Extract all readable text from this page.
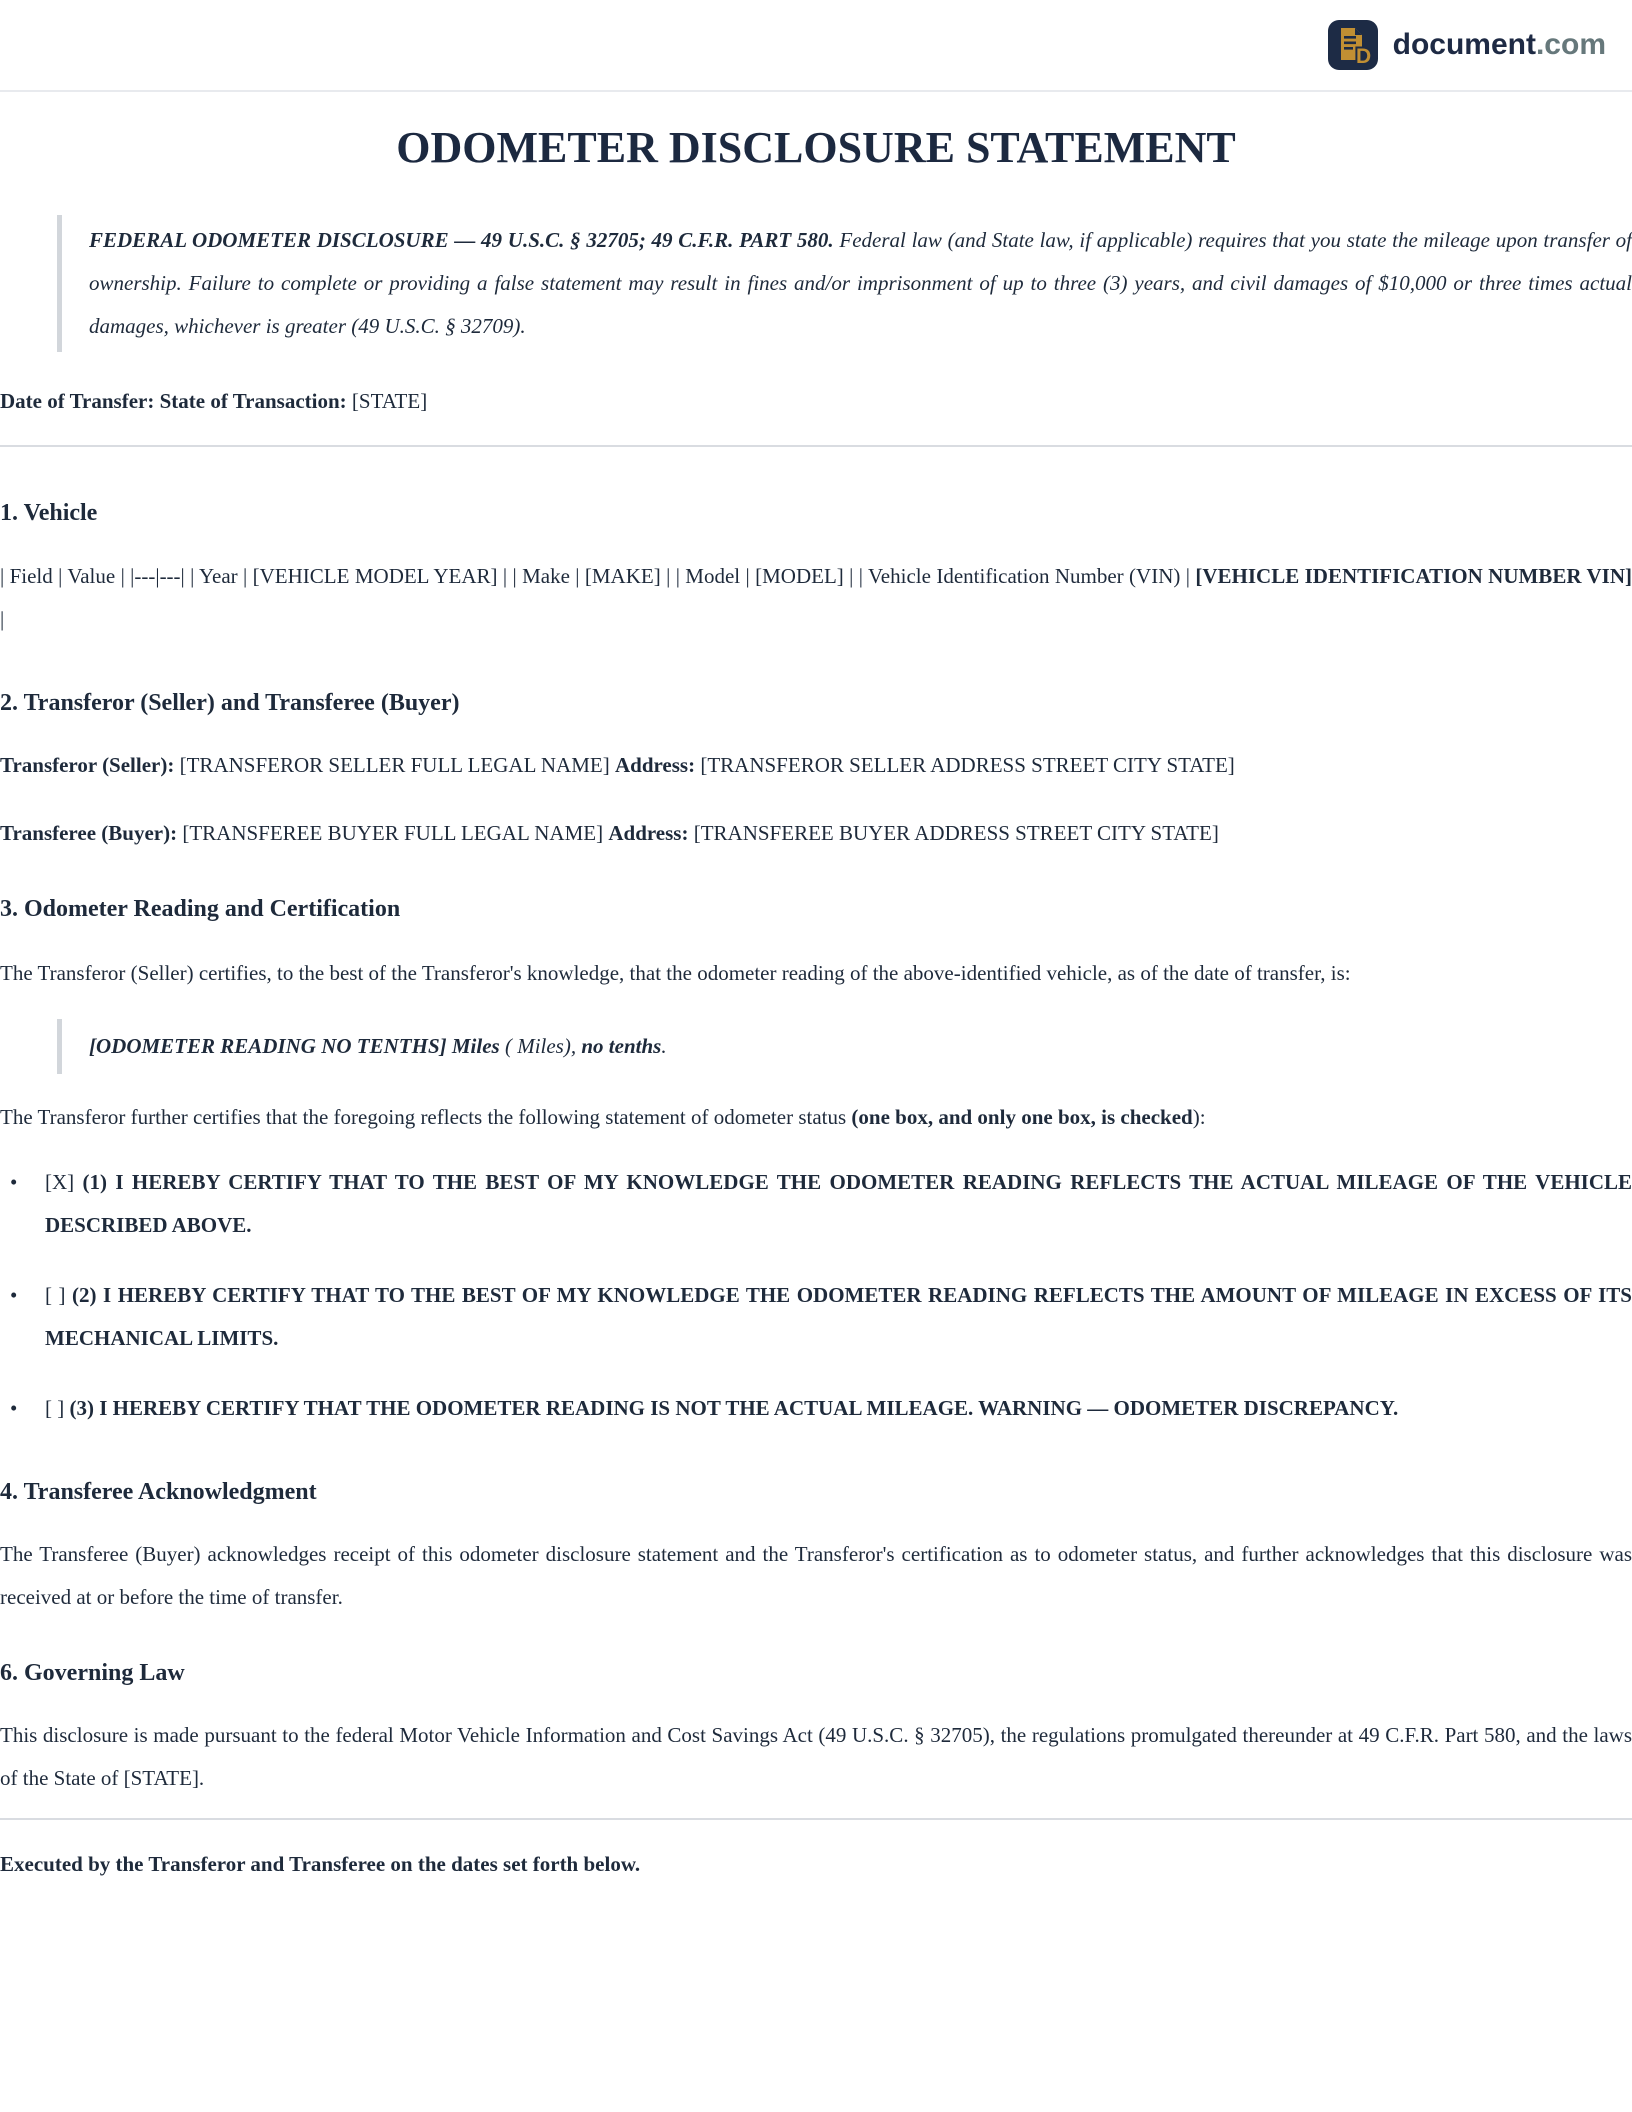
D document.com
ODOMETER DISCLOSURE STATEMENT
FEDERAL ODOMETER DISCLOSURE — 49 U.S.C. § 32705; 49 C.F.R. PART 580. Federal law (and State law, if applicable) requires that you state the mileage upon transfer of ownership. Failure to complete or providing a false statement may result in fines and/or imprisonment of up to three (3) years, and civil damages of $10,000 or three times actual damages, whichever is greater (49 U.S.C. § 32709).

Date of Transfer: State of Transaction: [STATE]

1. Vehicle

| Field | Value | |---|---| | Year | [VEHICLE MODEL YEAR] | | Make | [MAKE] | | Model | [MODEL] | | Vehicle Identification Number (VIN) | [VEHICLE IDENTIFICATION NUMBER VIN] |

2. Transferor (Seller) and Transferee (Buyer)

Transferor (Seller): [TRANSFEROR SELLER FULL LEGAL NAME] Address: [TRANSFEROR SELLER ADDRESS STREET CITY STATE]

Transferee (Buyer): [TRANSFEREE BUYER FULL LEGAL NAME] Address: [TRANSFEREE BUYER ADDRESS STREET CITY STATE]

3. Odometer Reading and Certification

The Transferor (Seller) certifies, to the best of the Transferor's knowledge, that the odometer reading of the above-identified vehicle, as of the date of transfer, is:

[ODOMETER READING NO TENTHS] Miles ( Miles), no tenths.

The Transferor further certifies that the foregoing reflects the following statement of odometer status (one box, and only one box, is checked):

• [X] (1) I HEREBY CERTIFY THAT TO THE BEST OF MY KNOWLEDGE THE ODOMETER READING REFLECTS THE ACTUAL MILEAGE OF THE VEHICLE DESCRIBED ABOVE.
• [ ] (2) I HEREBY CERTIFY THAT TO THE BEST OF MY KNOWLEDGE THE ODOMETER READING REFLECTS THE AMOUNT OF MILEAGE IN EXCESS OF ITS MECHANICAL LIMITS.
• [ ] (3) I HEREBY CERTIFY THAT THE ODOMETER READING IS NOT THE ACTUAL MILEAGE. WARNING — ODOMETER DISCREPANCY.
4. Transferee Acknowledgment

The Transferee (Buyer) acknowledges receipt of this odometer disclosure statement and the Transferor's certification as to odometer status, and further acknowledges that this disclosure was received at or before the time of transfer.

6. Governing Law

This disclosure is made pursuant to the federal Motor Vehicle Information and Cost Savings Act (49 U.S.C. § 32705), the regulations promulgated thereunder at 49 C.F.R. Part 580, and the laws of the State of [STATE].

Executed by the Transferor and Transferee on the dates set forth below.
